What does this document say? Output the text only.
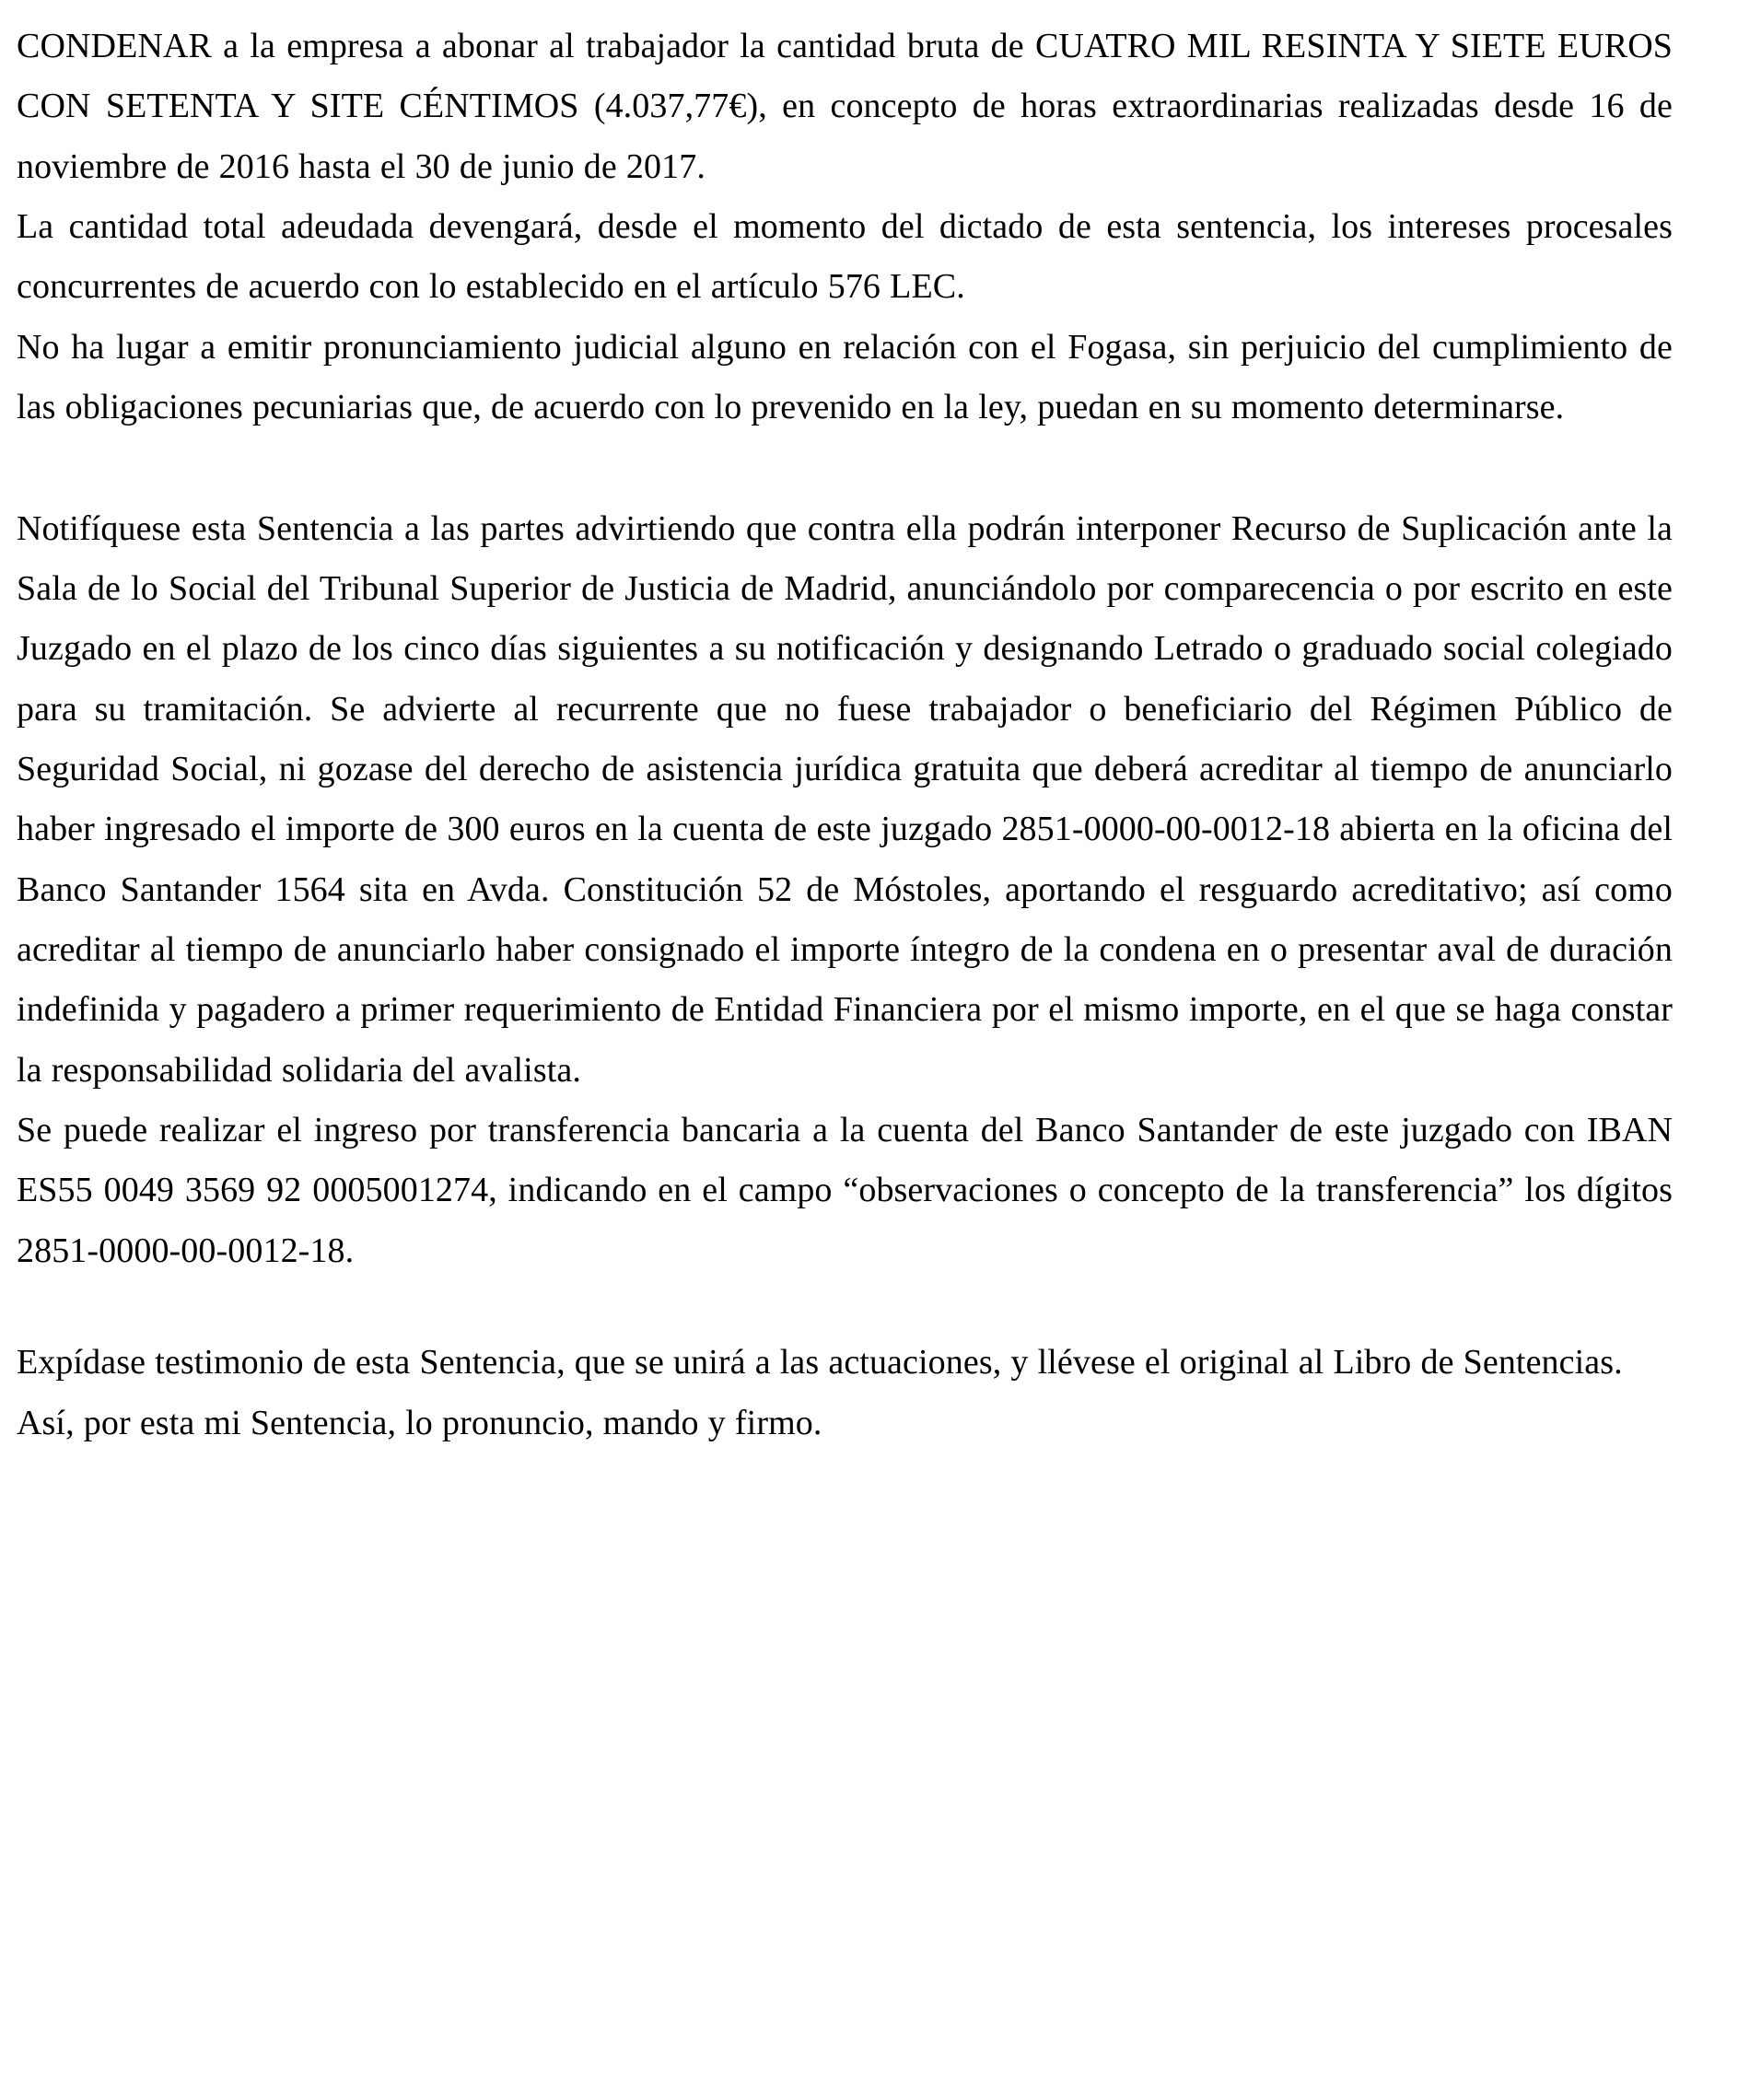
CONDENAR a la empresa a abonar al trabajador la cantidad bruta de CUATRO MIL RESINTA Y SIETE EUROS CON SETENTA Y SITE CÉNTIMOS (4.037,77€), en concepto de horas extraordinarias realizadas desde 16 de noviembre de 2016 hasta el 30 de junio de 2017.

La cantidad total adeudada devengará, desde el momento del dictado de esta sentencia, los intereses procesales concurrentes de acuerdo con lo establecido en el artículo 576 LEC.

No ha lugar a emitir pronunciamiento judicial alguno en relación con el Fogasa, sin perjuicio del cumplimiento de las obligaciones pecuniarias que, de acuerdo con lo prevenido en la ley, puedan en su momento determinarse.

Notifíquese esta Sentencia a las partes advirtiendo que contra ella podrán interponer Recurso de Suplicación ante la Sala de lo Social del Tribunal Superior de Justicia de Madrid, anunciándolo por comparecencia o por escrito en este Juzgado en el plazo de los cinco días siguientes a su notificación y designando Letrado o graduado social colegiado para su tramitación. Se advierte al recurrente que no fuese trabajador o beneficiario del Régimen Público de Seguridad Social, ni gozase del derecho de asistencia jurídica gratuita que deberá acreditar al tiempo de anunciarlo haber ingresado el importe de 300 euros en la cuenta de este juzgado 2851-0000-00-0012-18 abierta en la oficina del Banco Santander 1564 sita en Avda. Constitución 52 de Móstoles, aportando el resguardo acreditativo; así como acreditar al tiempo de anunciarlo haber consignado el importe íntegro de la condena en o presentar aval de duración indefinida y pagadero a primer requerimiento de Entidad Financiera por el mismo importe, en el que se haga constar la responsabilidad solidaria del avalista.

Se puede realizar el ingreso por transferencia bancaria a la cuenta del Banco Santander de este juzgado con IBAN ES55 0049 3569 92 0005001274, indicando en el campo “observaciones o concepto de la transferencia” los dígitos 2851-0000-00-0012-18.

Expídase testimonio de esta Sentencia, que se unirá a las actuaciones, y llévese el original al Libro de Sentencias.

Así, por esta mi Sentencia, lo pronuncio, mando y firmo.
